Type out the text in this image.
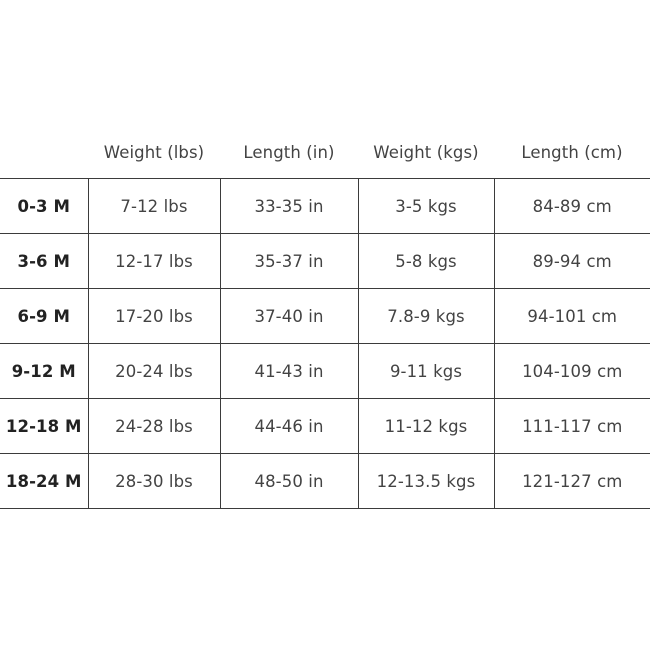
	Weight (lbs)	Length (in)	Weight (kgs)	Length (cm)
0-3 M	7-12 lbs	33-35 in	3-5 kgs	84-89 cm
3-6 M	12-17 lbs	35-37 in	5-8 kgs	89-94 cm
6-9 M	17-20 lbs	37-40 in	7.8-9 kgs	94-101 cm
9-12 M	20-24 lbs	41-43 in	9-11 kgs	104-109 cm
12-18 M	24-28 lbs	44-46 in	11-12 kgs	111-117 cm
18-24 M	28-30 lbs	48-50 in	12-13.5 kgs	121-127 cm
